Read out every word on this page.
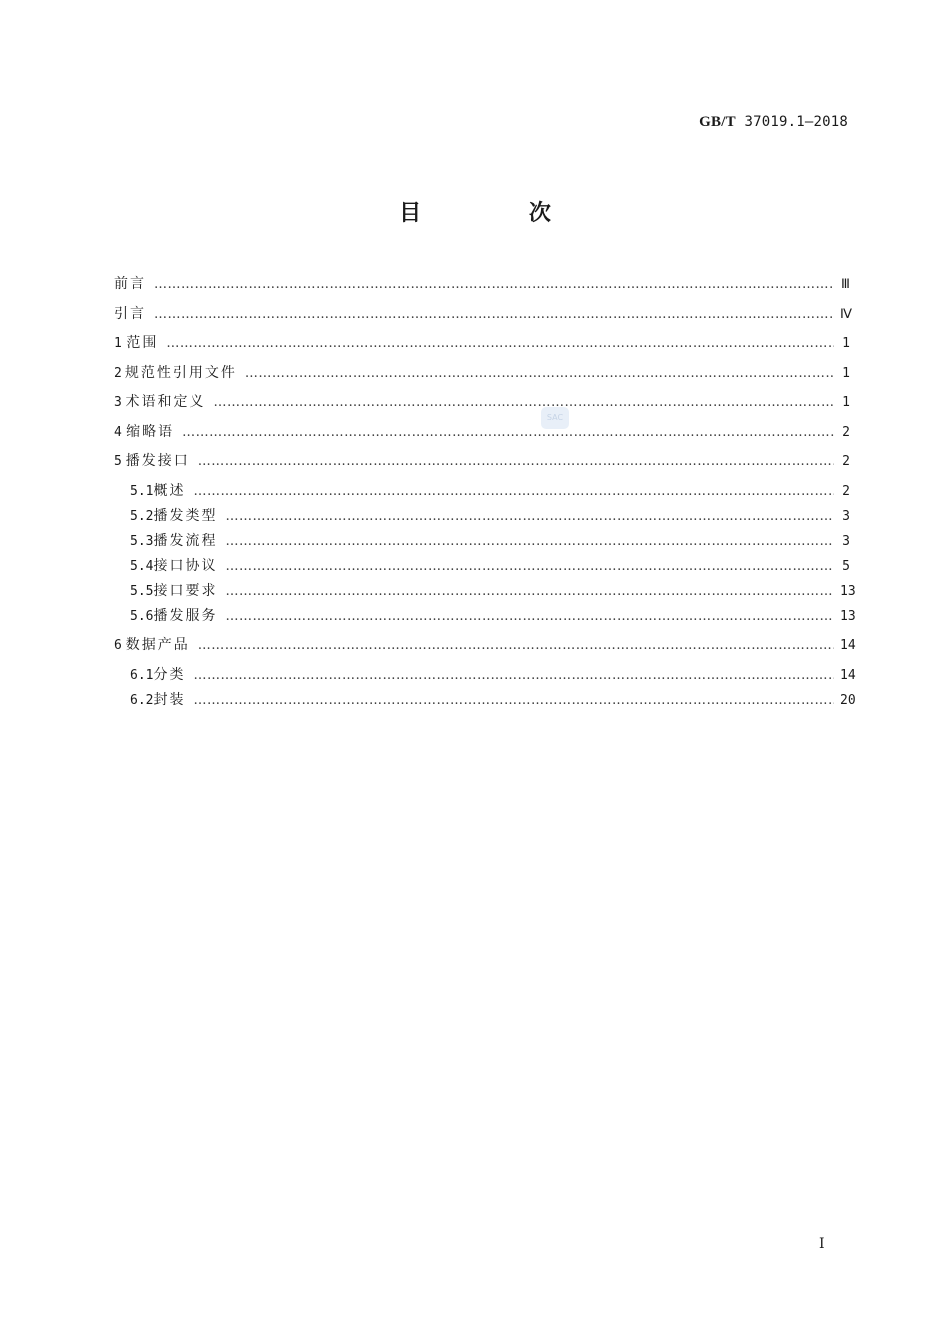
GB/T 37019.1—2018
目 次
SAC
前言 …………………………………………………………………………………………………………………………………………………………………………………………………………………………………………………………………………	Ⅲ
引言 …………………………………………………………………………………………………………………………………………………………………………………………………………………………………………………………………………	Ⅳ
1 范围 …………………………………………………………………………………………………………………………………………………………………………………………………………………………………………………………………………	1
2 规范性引用文件 …………………………………………………………………………………………………………………………………………………………………………………………………………………………………………………………………………	1
3 术语和定义 …………………………………………………………………………………………………………………………………………………………………………………………………………………………………………………………………………	1
4 缩略语 …………………………………………………………………………………………………………………………………………………………………………………………………………………………………………………………………………	2
5 播发接口 …………………………………………………………………………………………………………………………………………………………………………………………………………………………………………………………………………	2
5.1 概述 …………………………………………………………………………………………………………………………………………………………………………………………………………………………………………………………………………	2
5.2 播发类型 …………………………………………………………………………………………………………………………………………………………………………………………………………………………………………………………………………	3
5.3 播发流程 …………………………………………………………………………………………………………………………………………………………………………………………………………………………………………………………………………	3
5.4 接口协议 …………………………………………………………………………………………………………………………………………………………………………………………………………………………………………………………………………	5
5.5 接口要求 …………………………………………………………………………………………………………………………………………………………………………………………………………………………………………………………………………	13
5.6 播发服务 …………………………………………………………………………………………………………………………………………………………………………………………………………………………………………………………………………	13
6 数据产品 …………………………………………………………………………………………………………………………………………………………………………………………………………………………………………………………………………	14
6.1 分类 …………………………………………………………………………………………………………………………………………………………………………………………………………………………………………………………………………	14
6.2 封装 …………………………………………………………………………………………………………………………………………………………………………………………………………………………………………………………………………	20
Ⅰ
